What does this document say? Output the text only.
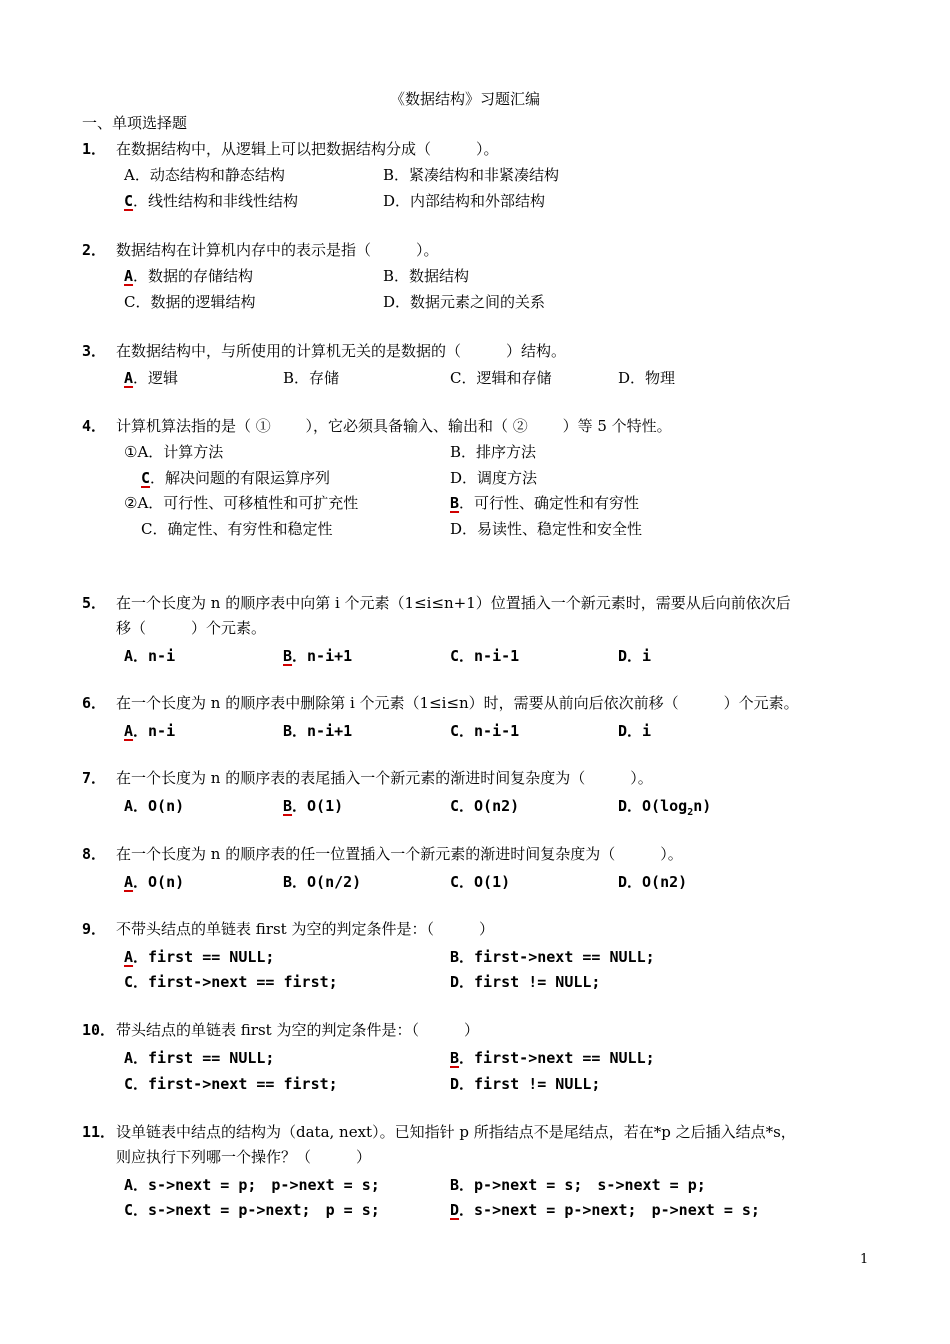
《数据结构》习题汇编
一、单项选择题
1． 在数据结构中，从逻辑上可以把数据结构分成（　　　）。
A．动态结构和静态结构	B．紧凑结构和非紧凑结构
C．线性结构和非线性结构	D．内部结构和外部结构
2． 数据结构在计算机内存中的表示是指（　　　）。
A．数据的存储结构	B．数据结构
C．数据的逻辑结构	D．数据元素之间的关系
3． 在数据结构中，与所使用的计算机无关的是数据的（　　　）结构。
A．逻辑	B．存储	C．逻辑和存储	D．物理
4． 计算机算法指的是（ ①　　 ），它必须具备输入、输出和（ ②　　 ）等 5 个特性。
①A．计算方法	B．排序方法
C．解决问题的有限运算序列	D．调度方法
②A．可行性、可移植性和可扩充性	B．可行性、确定性和有穷性
C．确定性、有穷性和稳定性	D．易读性、稳定性和安全性
5． 在一个长度为 n 的顺序表中向第 i 个元素（1≤i≤n+1）位置插入一个新元素时，需要从后向前依次后
移（　　　）个元素。
A．n-i	B．n-i+1	C．n-i-1	D．i
6． 在一个长度为 n 的顺序表中删除第 i 个元素（1≤i≤n）时，需要从前向后依次前移（　　　）个元素。
A．n-i	B．n-i+1	C．n-i-1	D．i
7． 在一个长度为 n 的顺序表的表尾插入一个新元素的渐进时间复杂度为（　　　）。
A．O(n)	B．O(1)	C．O(n2)	D．$O(\log_2n)$
8． 在一个长度为 n 的顺序表的任一位置插入一个新元素的渐进时间复杂度为（　　　）。
A．O(n)	B．O(n/2)	C．O(1)	D．O(n2)
9． 不带头结点的单链表 first 为空的判定条件是：（　　　）
A．first == NULL;	B．first->next == NULL;
C．first->next == first;	D．first != NULL;
10． 带头结点的单链表 first 为空的判定条件是：（　　　）
A．first == NULL;	B．first->next == NULL;
C．first->next == first;	D．first != NULL;
11． 设单链表中结点的结构为（data, next）。已知指针 p 所指结点不是尾结点，若在*p 之后插入结点*s，
则应执行下列哪一个操作？（　　　）
A．s->next = p;　p->next = s;	B．p->next = s;　s->next = p;
C．s->next = p->next;　p = s;	D．s->next = p->next;　p->next = s;
1
